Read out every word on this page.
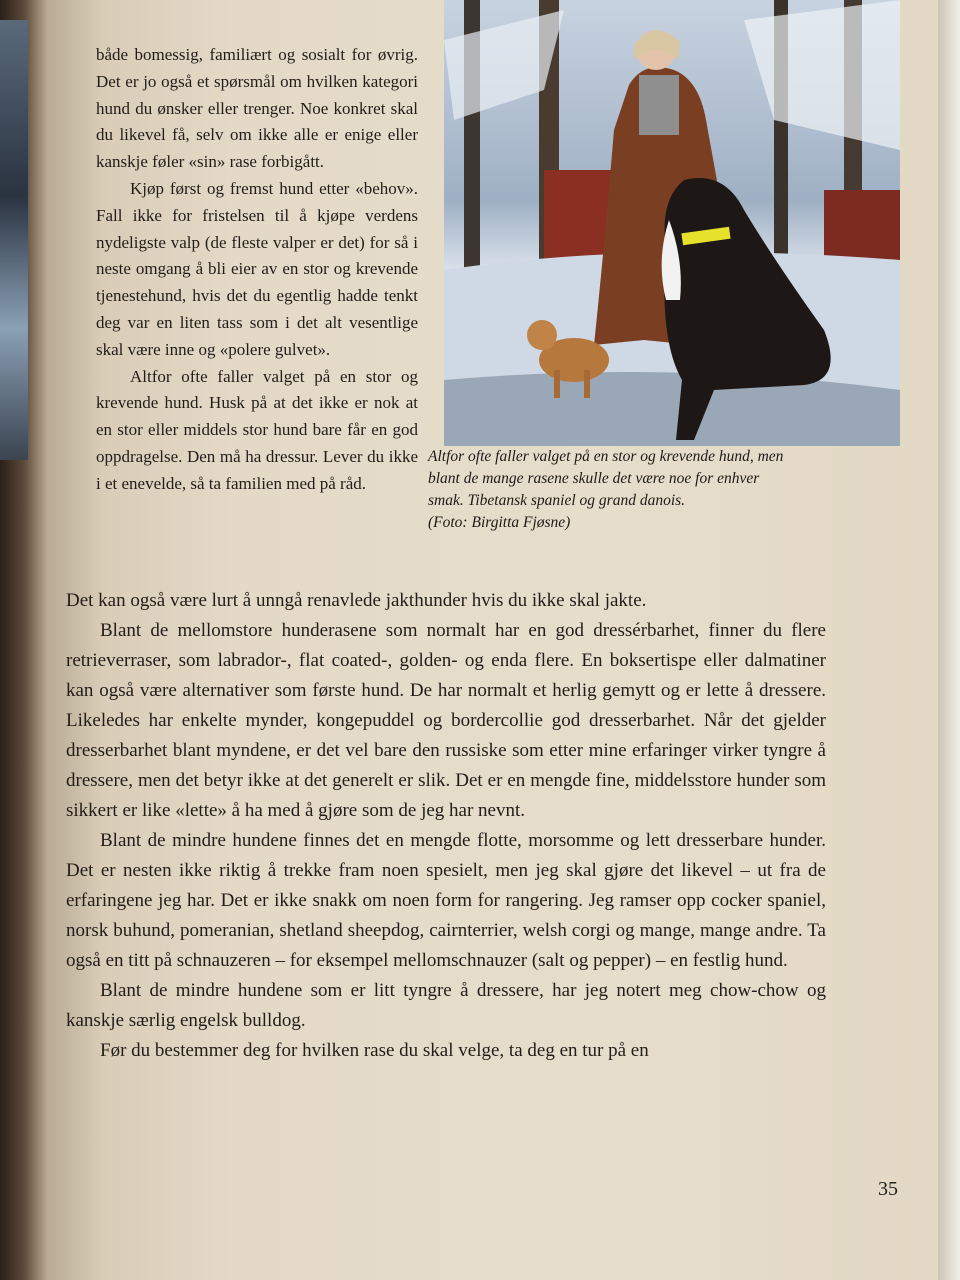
Altfor ofte faller valget på en stor og krevende hund, men blant de mange rasene skulle det være noe for enhver smak. Tibetansk spaniel og grand danois.

(Foto: Birgitta Fjøsne)

både bomessig, familiært og sosialt for øvrig. Det er jo også et spørsmål om hvilken kategori hund du ønsker eller trenger. Noe konkret skal du likevel få, selv om ikke alle er enige eller kanskje føler «sin» rase forbigått.

Kjøp først og fremst hund etter «behov». Fall ikke for fristelsen til å kjøpe verdens nydeligste valp (de fleste valper er det) for så i neste omgang å bli eier av en stor og krevende tjenestehund, hvis det du egentlig hadde tenkt deg var en liten tass som i det alt vesentlige skal være inne og «polere gulvet».

Altfor ofte faller valget på en stor og krevende hund. Husk på at det ikke er nok at en stor eller middels stor hund bare får en god oppdragelse. Den må ha dressur. Lever du ikke i et enevelde, så ta familien med på råd.

Det kan også være lurt å unngå renavlede jakthunder hvis du ikke skal jakte.

Blant de mellomstore hunderasene som normalt har en god dressérbarhet, finner du flere retrieverraser, som labrador-, flat coated-, golden- og enda flere. En boksertispe eller dalmatiner kan også være alternativer som første hund. De har normalt et herlig gemytt og er lette å dressere. Likeledes har enkelte mynder, kongepuddel og bordercollie god dresserbarhet. Når det gjelder dresserbarhet blant myndene, er det vel bare den russiske som etter mine erfaringer virker tyngre å dressere, men det betyr ikke at det generelt er slik. Det er en mengde fine, middelsstore hunder som sikkert er like «lette» å ha med å gjøre som de jeg har nevnt.

Blant de mindre hundene finnes det en mengde flotte, morsomme og lett dresserbare hunder. Det er nesten ikke riktig å trekke fram noen spesielt, men jeg skal gjøre det likevel – ut fra de erfaringene jeg har. Det er ikke snakk om noen form for rangering. Jeg ramser opp cocker spaniel, norsk buhund, pomeranian, shetland sheepdog, cairnterrier, welsh corgi og mange, mange andre. Ta også en titt på schnauzeren – for eksempel mellomschnauzer (salt og pepper) – en festlig hund.

Blant de mindre hundene som er litt tyngre å dressere, har jeg notert meg chow-chow og kanskje særlig engelsk bulldog.

Før du bestemmer deg for hvilken rase du skal velge, ta deg en tur på en

35
